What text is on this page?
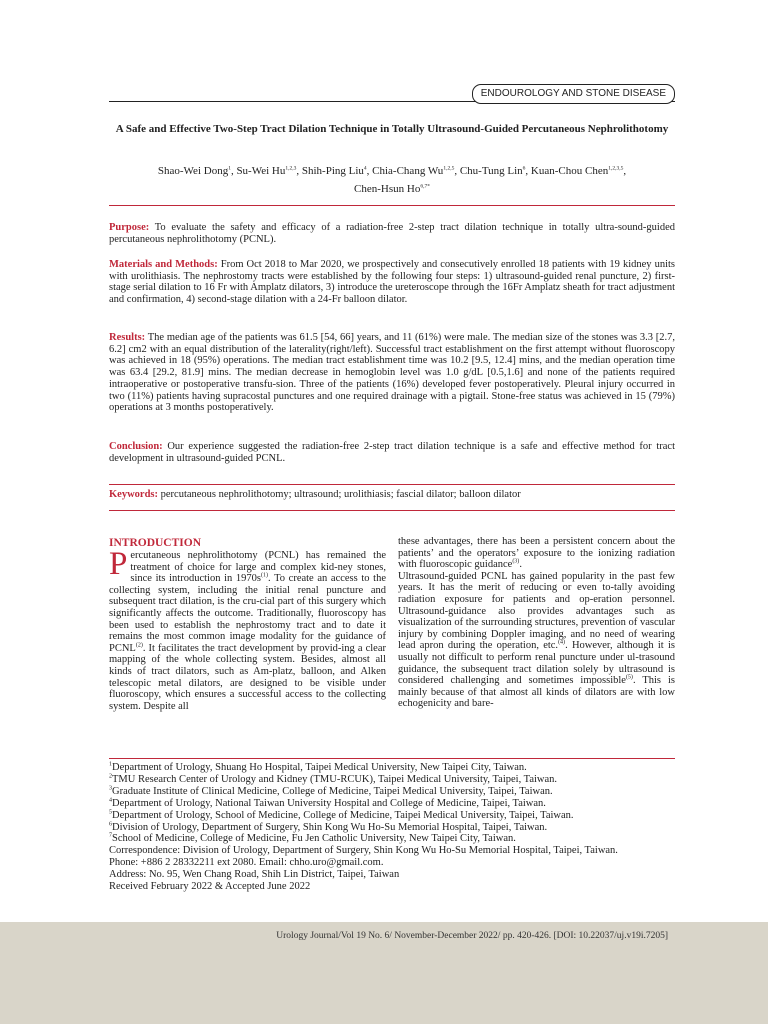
ENDOUROLOGY AND STONE DISEASE
A Safe and Effective Two-Step Tract Dilation Technique in Totally Ultrasound-Guided Percutaneous Nephrolithotomy
Shao-Wei Dong$^1$, Su-Wei Hu$^{1,2,3}$, Shih-Ping Liu$^4$, Chia-Chang Wu$^{1,2,5}$, Chu-Tung Lin$^6$, Kuan-Chou Chen$^{1,2,3,5}$,
Chen-Hsun $Ho^{6,7*}$
Purpose: To evaluate the safety and efficacy of a radiation-free 2-step tract dilation technique in totally ultra-sound-guided percutaneous nephrolithotomy (PCNL).
Materials and Methods: From Oct 2018 to Mar 2020, we prospectively and consecutively enrolled 18 patients with 19 kidney units with urolithiasis. The nephrostomy tracts were established by the following four steps: 1) ultrasound-guided renal puncture, 2) first-stage serial dilation to 16 Fr with Amplatz dilators, 3) introduce the ureteroscope through the 16Fr Amplatz sheath for tract adjustment and confirmation, 4) second-stage dilation with a 24-Fr balloon dilator.
Results: The median age of the patients was 61.5 [54, 66] years, and 11 (61%) were male. The median size of the stones was 3.3 [2.7, 6.2] cm2 with an equal distribution of the laterality(right/left). Successful tract establishment on the first attempt without fluoroscopy was achieved in 18 (95%) operations. The median tract establishment time was 10.2 [9.5, 12.4] mins, and the median operation time was 63.4 [29.2, 81.9] mins. The median decrease in hemoglobin level was 1.0 g/dL [0.5,1.6] and none of the patients required intraoperative or postoperative transfu-sion. Three of the patients (16%) developed fever postoperatively. Pleural injury occurred in two (11%) patients having supracostal punctures and one required drainage with a pigtail. Stone-free status was achieved in 15 (79%) operations at 3 months postoperatively.
Conclusion: Our experience suggested the radiation-free 2-step tract dilation technique is a safe and effective method for tract development in ultrasound-guided PCNL.
Keywords: percutaneous nephrolithotomy; ultrasound; urolithiasis; fascial dilator; balloon dilator
INTRODUCTION

Percutaneous nephrolithotomy (PCNL) has remained the treatment of choice for large and complex kid-ney stones, since its introduction in $1970s^{(1)}$. To create an access to the collecting system, including the initial renal puncture and subsequent tract dilation, is the cru-cial part of this surgery which significantly affects the outcome. Traditionally, fluoroscopy has been used to establish the nephrostomy tract and to date it remains the most common image modality for the guidance of PCNL$^{(2)}$. It facilitates the tract development by provid-ing a clear mapping of the whole collecting system. Besides, almost all kinds of tract dilators, such as Am-platz, balloon, and Alken telescopic metal dilators, are designed to be visible under fluoroscopy, which ensures a successful access to the collecting system. Despite all

these advantages, there has been a persistent concern about the patients’ and the operators’ exposure to the ionizing radiation with fluoroscopic guidance$^{(3)}$.

Ultrasound-guided PCNL has gained popularity in the past few years. It has the merit of reducing or even to-tally avoiding radiation exposure for patients and op-eration personnel. Ultrasound-guidance also provides advantages such as visualization of the surrounding structures, prevention of vascular injury by combining Doppler imaging, and no need of wearing lead apron during the operation, etc.$^{(4)}$. However, although it is usually not difficult to perform renal puncture under ul-trasound guidance, the subsequent tract dilation solely by ultrasound is considered challenging and sometimes impossible$^{(5)}$. This is mainly because of that almost all kinds of dilators are with low echogenicity and bare-

$^1$Department of Urology, Shuang Ho Hospital, Taipei Medical University, New Taipei City, Taiwan.
$^2$TMU Research Center of Urology and Kidney (TMU-RCUK), Taipei Medical University, Taipei, Taiwan.
$^3$Graduate Institute of Clinical Medicine, College of Medicine, Taipei Medical University, Taipei, Taiwan.
$^4$Department of Urology, National Taiwan University Hospital and College of Medicine, Taipei, Taiwan.
$^5$Department of Urology, School of Medicine, College of Medicine, Taipei Medical University, Taipei, Taiwan.
$^6$Division of Urology, Department of Surgery, Shin Kong Wu Ho-Su Memorial Hospital, Taipei, Taiwan.
$^7$School of Medicine, College of Medicine, Fu Jen Catholic University, New Taipei City, Taiwan.
Correspondence: Division of Urology, Department of Surgery, Shin Kong Wu Ho-Su Memorial Hospital, Taipei, Taiwan.
Phone: +886 2 28332211 ext 2080. Email: chho.uro@gmail.com.
Address: No. 95, Wen Chang Road, Shih Lin District, Taipei, Taiwan
Received February 2022 & Accepted June 2022
Urology Journal/Vol 19 No. 6/ November-December 2022/ pp. 420-426. [DOI: 10.22037/uj.v19i.7205]
